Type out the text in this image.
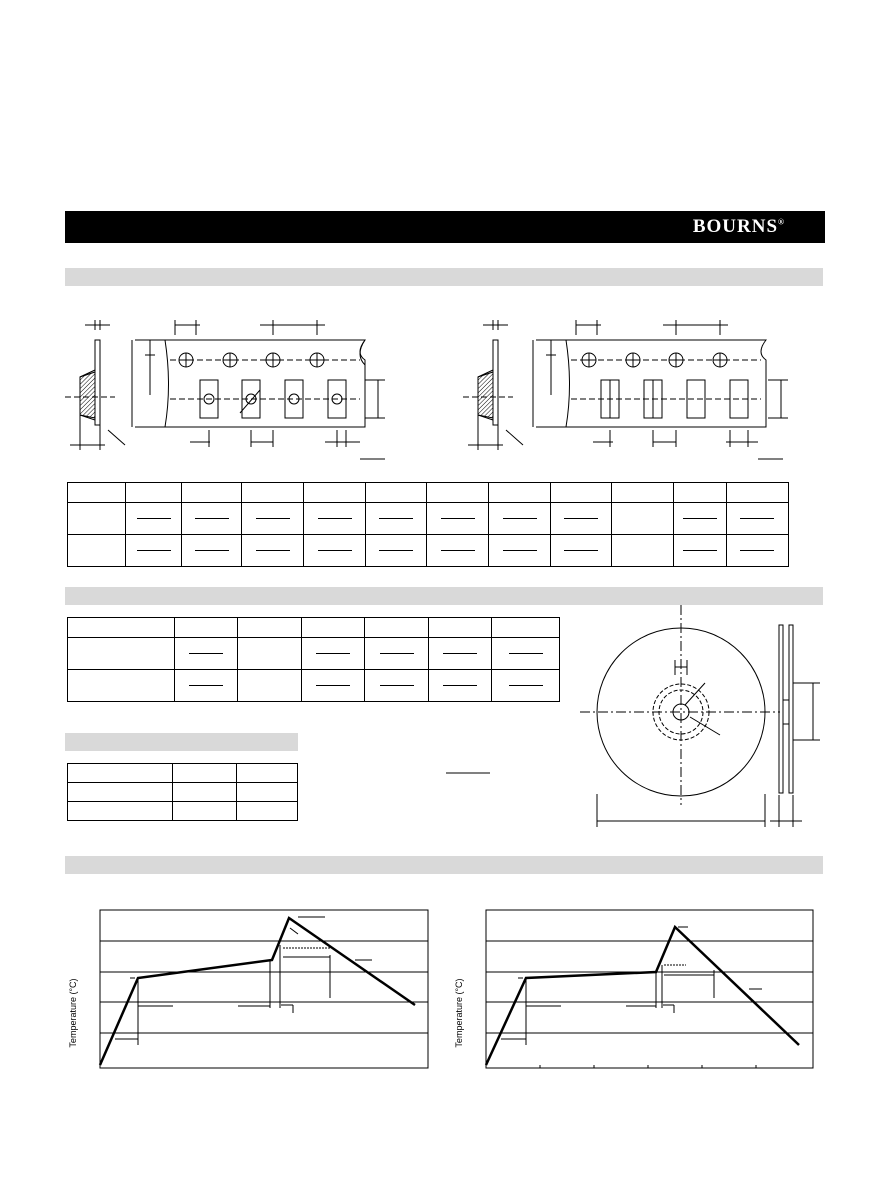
BOURNS®

Temperature (°C)	Temperature (°C)
